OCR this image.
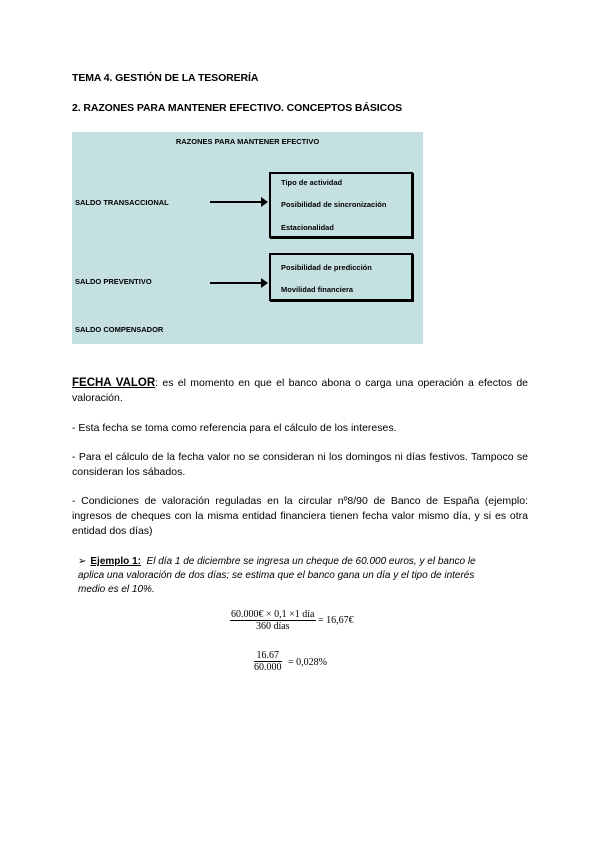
TEMA 4. GESTIÓN DE LA TESORERÍA
2. RAZONES PARA MANTENER EFECTIVO. CONCEPTOS BÁSICOS
RAZONES PARA MANTENER EFECTIVO
SALDO TRANSACCIONAL
SALDO PREVENTIVO
SALDO COMPENSADOR
Tipo de actividad
Posibilidad de sincronización
Estacionalidad
Posibilidad de predicción
Movilidad financiera
FECHA VALOR: es el momento en que el banco abona o carga una operación a efectos de valoración.
- Esta fecha se toma como referencia para el cálculo de los intereses.
- Para el cálculo de la fecha valor no se consideran ni los domingos ni días festivos. Tampoco se consideran los sábados.
- Condiciones de valoración reguladas en la circular nº8/90 de Banco de España (ejemplo: ingresos de cheques con la misma entidad financiera tienen fecha valor mismo día, y si es otra entidad dos días)
➢ Ejemplo 1: El día 1 de diciembre se ingresa un cheque de 60.000 euros, y el banco le aplica una valoración de dos días; se estima que el banco gana un día y el tipo de interés medio es el 10%.
60.000€ × 0,1 ×1 día
360 días
= 16,67€
$\frac{16.67}{60.000} = 0,028\%$
